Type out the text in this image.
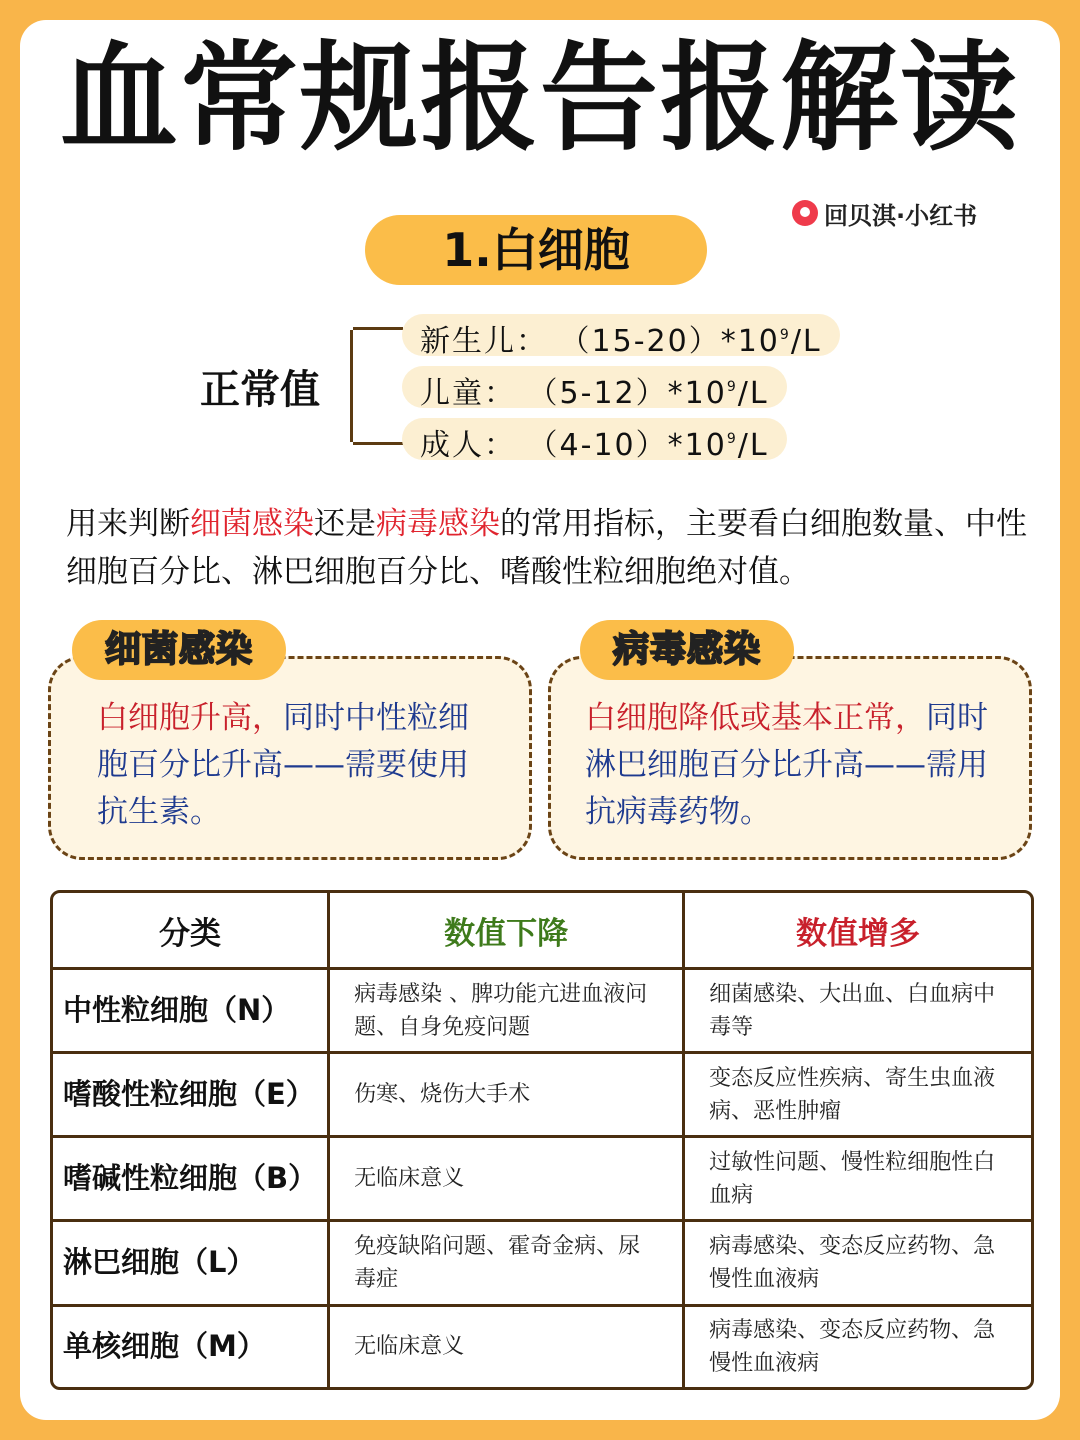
血常规报告报解读
回贝淇·小红书
1.白细胞
正常值
新生儿： $(15-20)*10^9/L$
儿童： $(5-12)*10^9/L$
成人： $(4-10)*10^9/L$
用来判断细菌感染还是病毒感染的常用指标，主要看白细胞数量、中性细胞百分比、淋巴细胞百分比、嗜酸性粒细胞绝对值。
白细胞升高，同时中性粒细胞百分比升高——需要使用抗生素。
细菌感染
白细胞降低或基本正常，同时淋巴细胞百分比升高——需用抗病毒药物。
病毒感染
分类	数值下降	数值增多
中性粒细胞（N）	病毒感染 、脾功能亢进血液问题、自身免疫问题	细菌感染、大出血、白血病中毒等
嗜酸性粒细胞（E）	伤寒、烧伤大手术	变态反应性疾病、寄生虫血液病、恶性肿瘤
嗜碱性粒细胞（B）	无临床意义	过敏性问题、慢性粒细胞性白血病
淋巴细胞（L）	免疫缺陷问题、霍奇金病、尿毒症	病毒感染、变态反应药物、急慢性血液病
单核细胞（M）	无临床意义	病毒感染、变态反应药物、急慢性血液病
